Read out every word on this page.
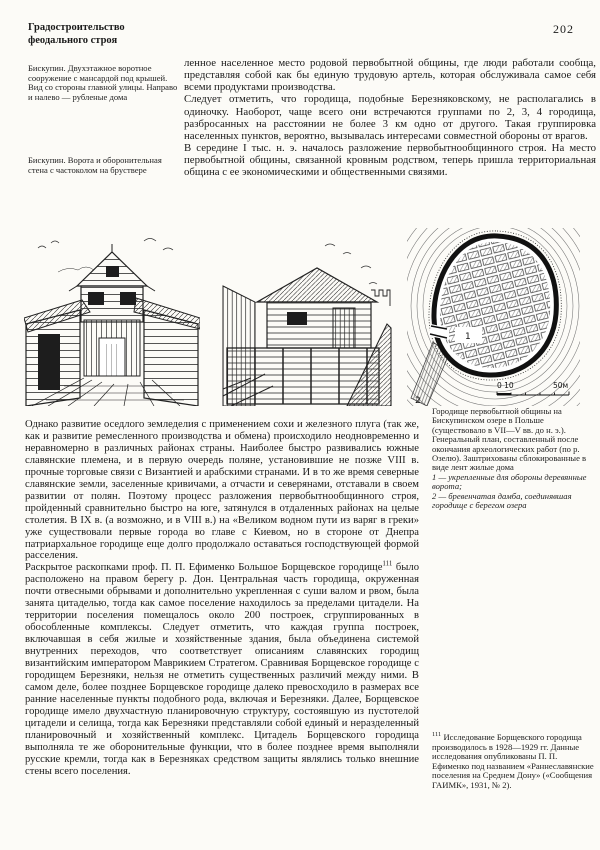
Градостроительство феодального строя
202
Бискупин. Двухэтажное воротное сооружение с мансардой под крышей. Вид со стороны главной улицы. Направо и налево — рубленые дома
Бискупин. Ворота и оборонительная стена с частоколом на бруствере

ленное населенное место родовой первобытной общины, где люди работали сообща, представляя собой как бы единую трудовую артель, которая обслуживала самое себя всеми продуктами производства.

Следует отметить, что городища, подобные Березняковскому, не располагались в одиночку. Наоборот, чаще всего они встречаются группами по 2, 3, 4 городища, разбросанных на расстоянии не более 3 км одно от другого. Такая группировка населенных пунктов, вероятно, вызывалась интересами совместной обороны от врагов.

В середине I тыс. н. э. началось разложение первобытнообщинного строя. На место первобытной общины, связанной кровным родством, теперь пришла территориальная община с ее экономическими и общественными связями.

1
2
0 10	50м

Однако развитие оседлого земледелия с применением сохи и железного плуга (так же, как и развитие ремесленного производства и обмена) происходило неодновременно и неравномерно в различных районах страны. Наиболее быстро развивались южные славянские племена, и в первую очередь поляне, установившие не позже VIII в. прочные торговые связи с Византией и арабскими странами. И в то же время северные славянские земли, заселенные кривичами, а отчасти и северянами, отставали в своем развитии от полян. Поэтому процесс разложения первобытнообщинного строя, пройденный сравнительно быстро на юге, затянулся в отдаленных районах на целые столетия. В IX в. (а возможно, и в VIII в.) на «Великом водном пути из варяг в греки» уже существовали первые города во главе с Киевом, но в стороне от Днепра патриархальное городище еще долго продолжало оставаться господствующей формой расселения.

Раскрытое раскопками проф. П. П. Ефименко Большое Борщевское городище$^{111}$ было расположено на правом берегу р. Дон. Центральная часть городища, окруженная почти отвесными обрывами и дополнительно укрепленная с суши валом и рвом, была занята цитаделью, тогда как самое поселение находилось за пределами цитадели. На территории поселения помещалось около 200 построек, сгруппированных в обособленные комплексы. Следует отметить, что каждая группа построек, включавшая в себя жилые и хозяйственные здания, была объединена системой внутренних переходов, что соответствует описаниям славянских городищ византийским императором Маврикием Стратегом. Сравнивая Борщевское городище с городищем Березняки, нельзя не отметить существенных различий между ними. В самом деле, более позднее Борщевское городище далеко превосходило в размерах все ранние населенные пункты подобного рода, включая и Березняки. Далее, Борщевское городище имело двухчастную планировочную структуру, состоявшую из пустотелой цитадели и селища, тогда как Березняки представляли собой единый и неразделенный планировочный и хозяйственный комплекс. Цитадель Борщевского городища выполняла те же оборонительные функции, что в более позднее время выполняли русские кремли, тогда как в Березняках средством защиты являлись только внешние стены всего поселения.

Городище первобытной общины на Бискупинском озере в Польше (существовало в VII—V вв. до н. э.). Генеральный план, составленный после окончания археологических работ (по р. Озелю). Заштрихованы сблокированные в виде лент жилые дома
1 — укрепленные для обороны деревянные ворота;
2 — бревенчатая дамба, соединявшая городище с берегом озера
$^{111}$ Исследование Борщевского городища производилось в 1928—1929 гг. Данные исследования опубликованы П. П. Ефименко под названием «Раннеславянские поселения на Среднем Дону» («Сообщения ГАИМК», 1931, № 2).
